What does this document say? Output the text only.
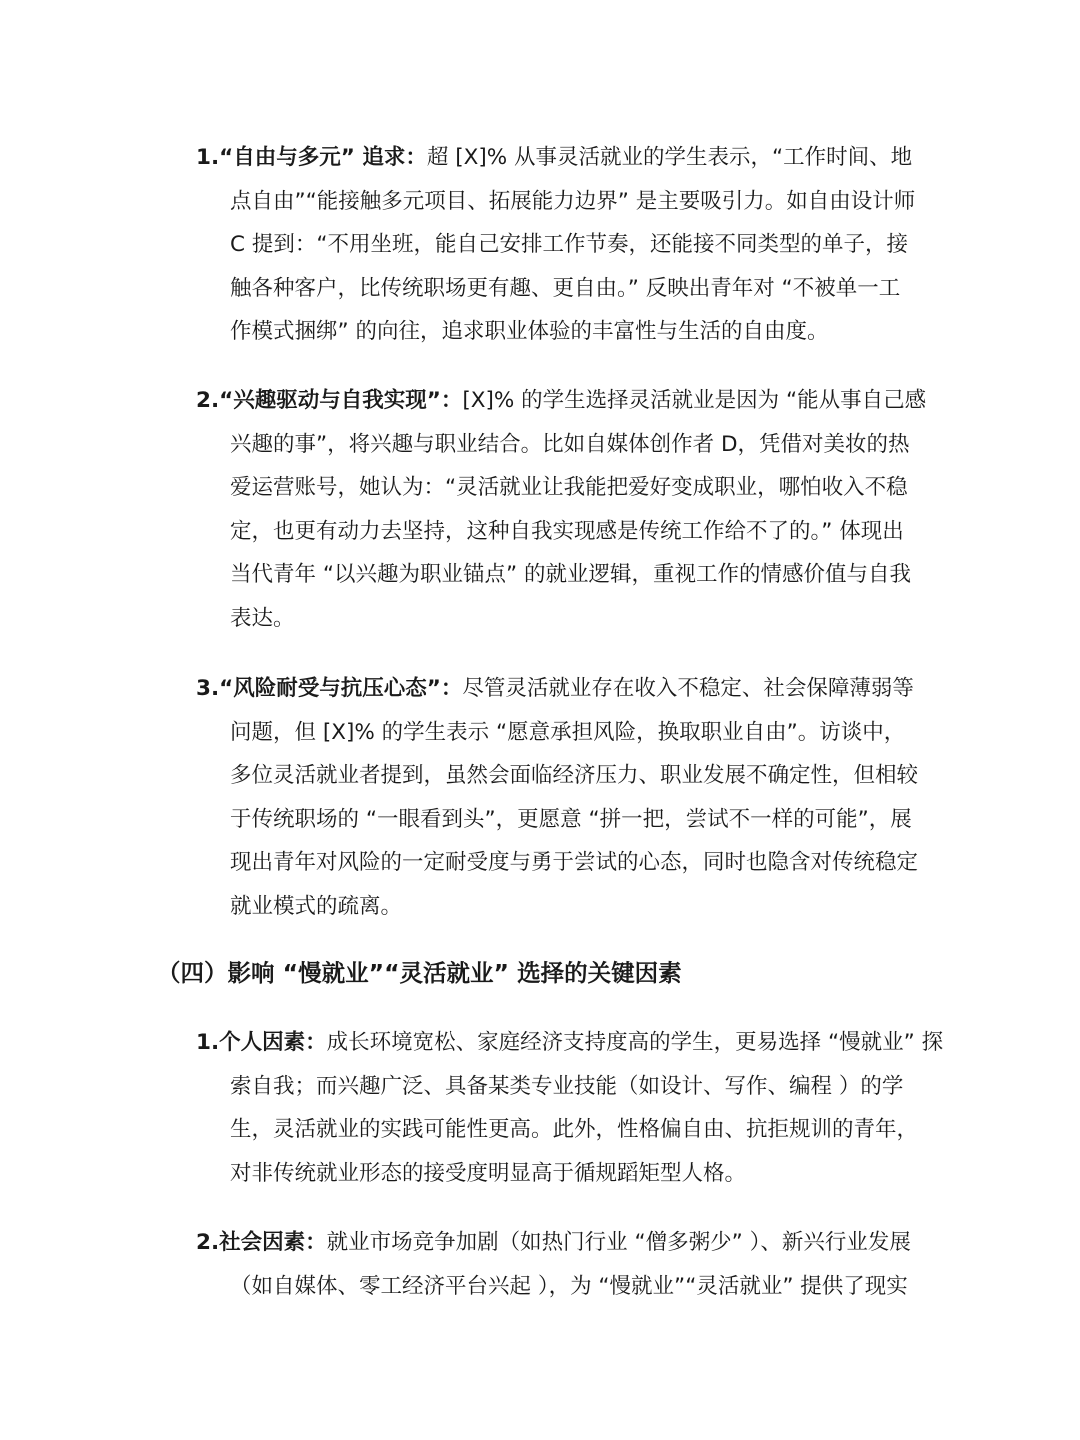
1.“自由与多元” 追求：超 [X]% 从事灵活就业的学生表示，“工作时间、地
点自由”“能接触多元项目、拓展能力边界” 是主要吸引力。如自由设计师
C 提到：“不用坐班，能自己安排工作节奏，还能接不同类型的单子，接
触各种客户，比传统职场更有趣、更自由。” 反映出青年对 “不被单一工
作模式捆绑” 的向往，追求职业体验的丰富性与生活的自由度。
2.“兴趣驱动与自我实现”：[X]% 的学生选择灵活就业是因为 “能从事自己感
兴趣的事”，将兴趣与职业结合。比如自媒体创作者 D，凭借对美妆的热
爱运营账号，她认为：“灵活就业让我能把爱好变成职业，哪怕收入不稳
定，也更有动力去坚持，这种自我实现感是传统工作给不了的。” 体现出
当代青年 “以兴趣为职业锚点” 的就业逻辑，重视工作的情感价值与自我
表达。
3.“风险耐受与抗压心态”：尽管灵活就业存在收入不稳定、社会保障薄弱等
问题，但 [X]% 的学生表示 “愿意承担风险，换取职业自由”。访谈中，
多位灵活就业者提到，虽然会面临经济压力、职业发展不确定性，但相较
于传统职场的 “一眼看到头”，更愿意 “拼一把，尝试不一样的可能”，展
现出青年对风险的一定耐受度与勇于尝试的心态，同时也隐含对传统稳定
就业模式的疏离。
（四）影响 “慢就业”“灵活就业” 选择的关键因素
1.个人因素：成长环境宽松、家庭经济支持度高的学生，更易选择 “慢就业” 探
索自我；而兴趣广泛、具备某类专业技能（如设计、写作、编程 ）的学
生，灵活就业的实践可能性更高。此外，性格偏自由、抗拒规训的青年，
对非传统就业形态的接受度明显高于循规蹈矩型人格。
2.社会因素：就业市场竞争加剧（如热门行业 “僧多粥少” ）、新兴行业发展
（如自媒体、零工经济平台兴起 ），为 “慢就业”“灵活就业” 提供了现实
